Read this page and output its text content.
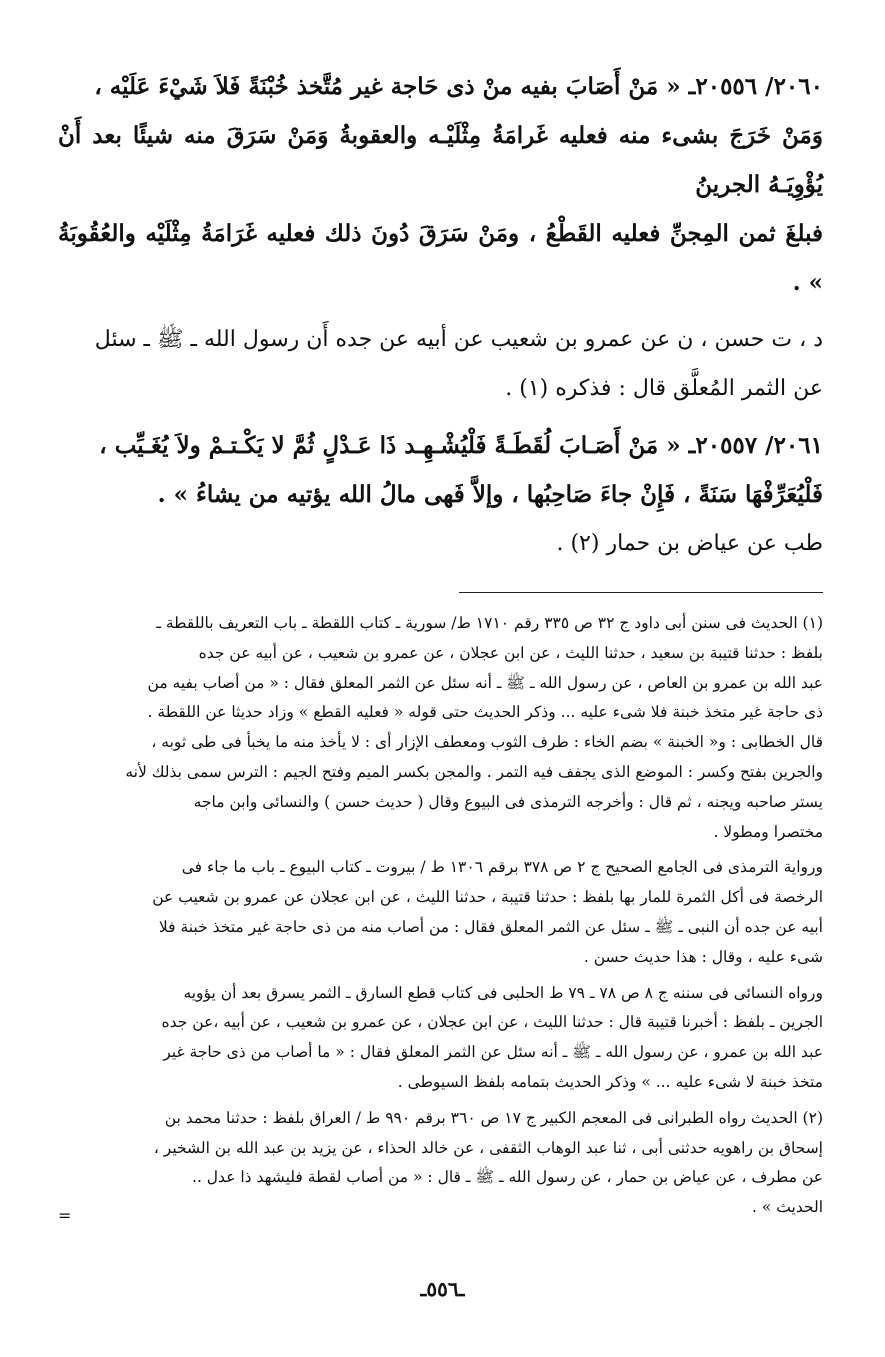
٢٠٦٠/ ٢٠٥٥٦ـ « مَنْ أَصَابَ بفيه منْ ذى حَاجة غير مُتَّخذ خُبْنَةً فَلاَ شَيْءَ عَلَيْه ،

وَمَنْ خَرَجَ بشىء منه فعليه غَرامَةُ مِثْلَيْـه والعقوبةُ وَمَنْ سَرَقَ منه شيئًا بعد أَنْ يُؤْوِيَـهُ الجرينُ

فبلغَ ثمن المِجنِّ فعليه القَطْعُ ، ومَنْ سَرَقَ دُونَ ذلك فعليه غَرَامَةُ مِثْلَيْه والعُقُوبَةُ » .

د ، ت حسن ، ن عن عمرو بن شعيب عن أبيه عن جده أَن رسول الله ـ ﷺ ـ سئل

عن الثمر المُعلَّق قال : فذكره (١) .

٢٠٦١/ ٢٠٥٥٧ـ « مَنْ أَصَـابَ لُقَطَـةً فَلْيُشْـهِـد ذَا عَـدْلٍ ثُمَّ لا يَكْـتـمْ ولاَ يُغَـيِّب ،

فَلْيُعَرِّفْهَا سَنَةً ، فَإِنْ جاءَ صَاحِبُها ، وإلاَّ فَهى مالُ الله يؤتيه من يشاءُ » .

طب عن عياض بن حمار (٢) .

(١) الحديث فى سنن أبى داود ج ٣٢ ص ٣٣٥ رقم ١٧١٠ ط/ سورية ـ كتاب اللقطة ـ باب التعريف باللقطة ـ

بلفظ : حدثنا قتيبة بن سعيد ، حدثنا الليث ، عن ابن عجلان ، عن عمرو بن شعيب ، عن أبيه عن جده

عبد الله بن عمرو بن العاص ، عن رسول الله ـ ﷺ ـ أنه سئل عن الثمر المعلق فقال : « من أصاب بفيه من

ذى حاجة غير متخذ خبنة فلا شىء عليه ... وذكر الحديث حتى قوله « فعليه القطع » وزاد حديثا عن اللقطة .

قال الخطابى : و« الخبنة » بضم الخاء : طرف الثوب ومعطف الإزار أى : لا يأخذ منه ما يخبأ فى طى ثوبه ،

والجرين بفتح وكسر : الموضع الذى يجفف فيه التمر . والمجن بكسر الميم وفتح الجيم : الترس سمى بذلك لأنه

يستر صاحبه ويجنه ، ثم قال : وأخرجه الترمذى فى البيوع وقال ( حديث حسن ) والنسائى وابن ماجه

مختصرا ومطولا .

ورواية الترمذى فى الجامع الصحيح ج ٢ ص ٣٧٨ برقم ١٣٠٦ ط / بيروت ـ كتاب البيوع ـ باب ما جاء فى

الرخصة فى أكل الثمرة للمار بها بلفظ : حدثنا قتيبة ، حدثنا الليث ، عن ابن عجلان عن عمرو بن شعيب عن

أبيه عن جده أن النبى ـ ﷺ ـ سئل عن الثمر المعلق فقال : من أصاب منه من ذى حاجة غير متخذ خبنة فلا

شىء عليه ، وقال : هذا حديث حسن .

ورواه النسائى فى سننه ج ٨ ص ٧٨ ـ ٧٩ ط الحلبى فى كتاب قطع السارق ـ الثمر يسرق بعد أن يؤويه

الجرين ـ بلفظ : أخبرنا قتيبة قال : حدثنا الليث ، عن ابن عجلان ، عن عمرو بن شعيب ، عن أبيه ،عن جده

عبد الله بن عمرو ، عن رسول الله ـ ﷺ ـ أنه سئل عن الثمر المعلق فقال : « ما أصاب من ذى حاجة غير

متخذ خبنة لا شىء عليه ... » وذكر الحديث بتمامه بلفظ السيوطى .

(٢) الحديث رواه الطبرانى فى المعجم الكبير ج ١٧ ص ٣٦٠ برقم ٩٩٠ ط / العراق بلفظ : حدثنا محمد بن

إسحاق بن راهويه حدثنى أبى ، ثنا عبد الوهاب الثقفى ، عن خالد الحذاء ، عن يزيد بن عبد الله بن الشخير ،

عن مطرف ، عن عياض بن حمار ، عن رسول الله ـ ﷺ ـ قال : « من أصاب لقطة فليشهد ذا عدل ..

الحديث » .

=
ـ٥٥٦ـ
